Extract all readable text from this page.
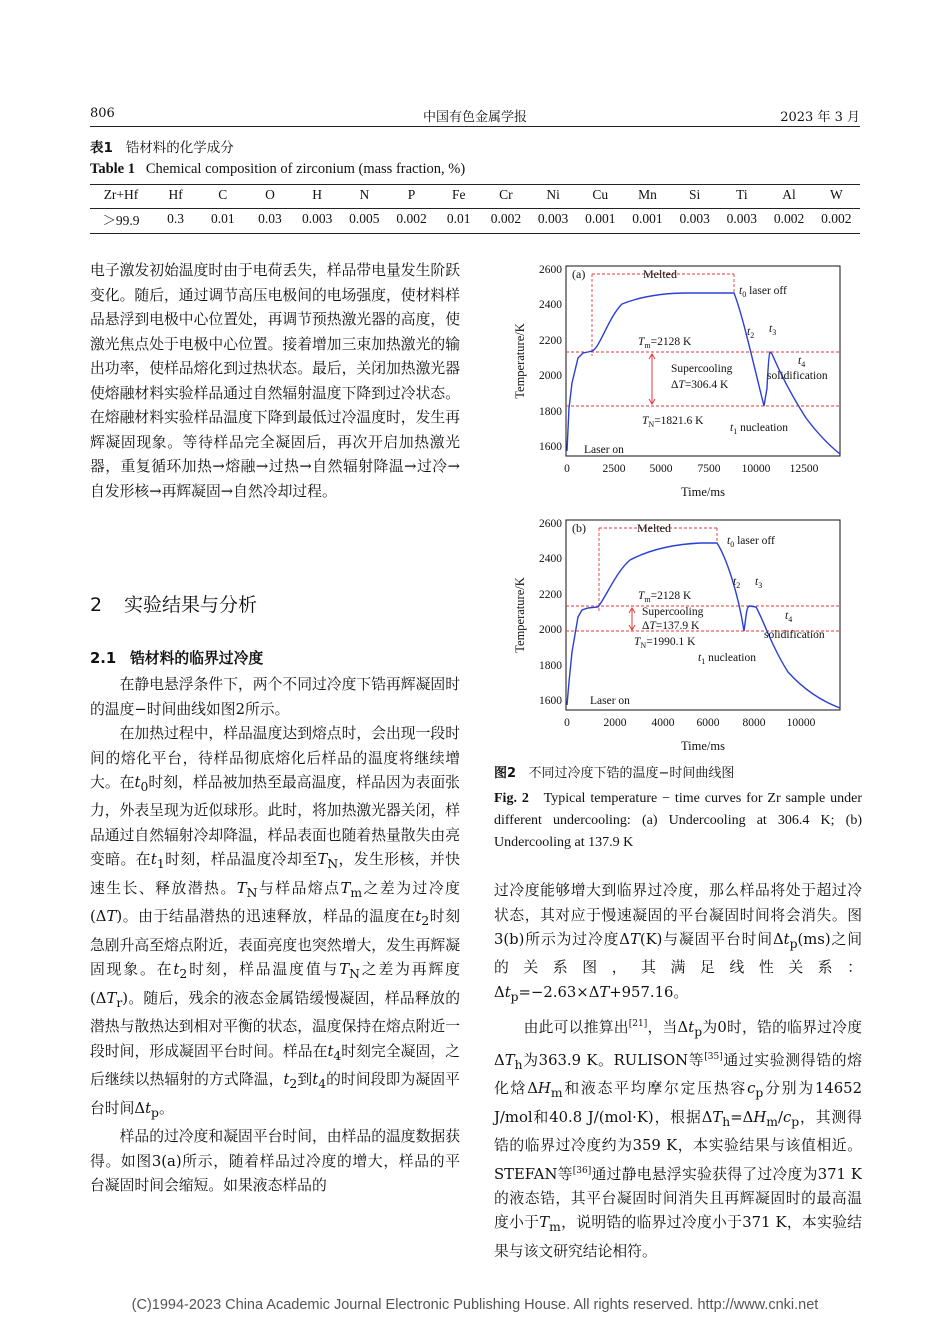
806	中国有色金属学报	2023 年 3 月
表1 锆材料的化学成分
Table 1 Chemical composition of zirconium (mass fraction, %)
Zr+Hf	Hf	C	O	H	N	P	Fe	Cr	Ni	Cu	Mn	Si	Ti	Al	W
＞99.9	0.3	0.01	0.03	0.003	0.005	0.002	0.01	0.002	0.003	0.001	0.001	0.003	0.003	0.002	0.002

电子激发初始温度时由于电荷丢失，样品带电量发生阶跃变化。随后，通过调节高压电极间的电场强度，使材料样品悬浮到电极中心位置处，再调节预热激光器的高度，使激光焦点处于电极中心位置。接着增加三束加热激光的输出功率，使样品熔化到过热状态。最后，关闭加热激光器使熔融材料实验样品通过自然辐射温度下降到过冷状态。在熔融材料实验样品温度下降到最低过冷温度时，发生再辉凝固现象。等待样品完全凝固后，再次开启加热激光器，重复循环加热→熔融→过热→自然辐射降温→过冷→自发形核→再辉凝固→自然冷却过程。

2 实验结果与分析
2.1 锆材料的临界过冷度

在静电悬浮条件下，两个不同过冷度下锆再辉凝固时的温度−时间曲线如图2所示。

在加热过程中，样品温度达到熔点时，会出现一段时间的熔化平台，待样品彻底熔化后样品的温度将继续增大。在$t_0$时刻，样品被加热至最高温度，样品因为表面张力，外表呈现为近似球形。此时，将加热激光器关闭，样品通过自然辐射冷却降温，样品表面也随着热量散失由亮变暗。在$t_1$时刻，样品温度冷却至$T_N$，发生形核，并快速生长、释放潜热。$T_N$与样品熔点$T_m$之差为过冷度(ΔT)。由于结晶潜热的迅速释放，样品的温度在$t_2$时刻急剧升高至熔点附近，表面亮度也突然增大，发生再辉凝固现象。在$t_2$时刻，样品温度值与$T_N$之差为再辉度$(\Delta T_r)$。随后，残余的液态金属锆缓慢凝固，样品释放的潜热与散热达到相对平衡的状态，温度保持在熔点附近一段时间，形成凝固平台时间。样品在$t_4$时刻完全凝固，之后继续以热辐射的方式降温，$t_2$到$t_4$的时间段即为凝固平台时间$\Delta t_p$。

样品的过冷度和凝固平台时间，由样品的温度数据获得。如图3(a)所示，随着样品过冷度的增大，样品的平台凝固时间会缩短。如果液态样品的

Temperature/K
Time/ms
1600
1800
2000
2200
2400
2600
0	2500 5000 7500 10000 12500
(a)	Melted
$t_0$ laser off
$t_2$
$t_3$
$t_4$
solidification
$T_m=2128$ K
Supercooling
ΔT=306.4 K
$T_N=1821.6$ K
$t_1$ nucleation
Laser on
Temperature/K
Time/ms
1600
1800
2000
2200
2400
2600
0	2000 4000 6000 8000 10000
(b)	Melted
$t_0$ laser off
$t_2$ $t_3$
$t_4$
solidification
$T_m=2128$ K
Supercooling
ΔT=137.9 K
$T_N=1990.1$ K
$t_1$ nucleation
Laser on
图2 不同过冷度下锆的温度−时间曲线图
Fig. 2 Typical temperature − time curves for Zr sample under different undercooling: (a) Undercooling at 306.4 K; (b) Undercooling at 137.9 K

过冷度能够增大到临界过冷度，那么样品将处于超过冷状态，其对应于慢速凝固的平台凝固时间将会消失。图3(b)所示为过冷度ΔT(K)与凝固平台时间$\Delta t_p(ms)$之间的关系图，其满足线性关系：$\Delta t_p=-2.63\times\Delta T+957.16$。

由此可以推算出[21]，当$\Delta t_p$为0时，锆的临界过冷度$\Delta T_h$为363.9 K。RULISON等[35]通过实验测得锆的熔化焓$\Delta H_m$和液态平均摩尔定压热容$c_p$分别为14652 J/mol和40.8 J/(mol·K)，根据$\Delta T_h=\Delta H_m/c_p$，其测得锆的临界过冷度约为359 K，本实验结果与该值相近。STEFAN等[36]通过静电悬浮实验获得了过冷度为371 K的液态锆，其平台凝固时间消失且再辉凝固时的最高温度小于$T_m$，说明锆的临界过冷度小于371 K，本实验结果与该文研究结论相符。

(C)1994-2023 China Academic Journal Electronic Publishing House. All rights reserved. http://www.cnki.net
